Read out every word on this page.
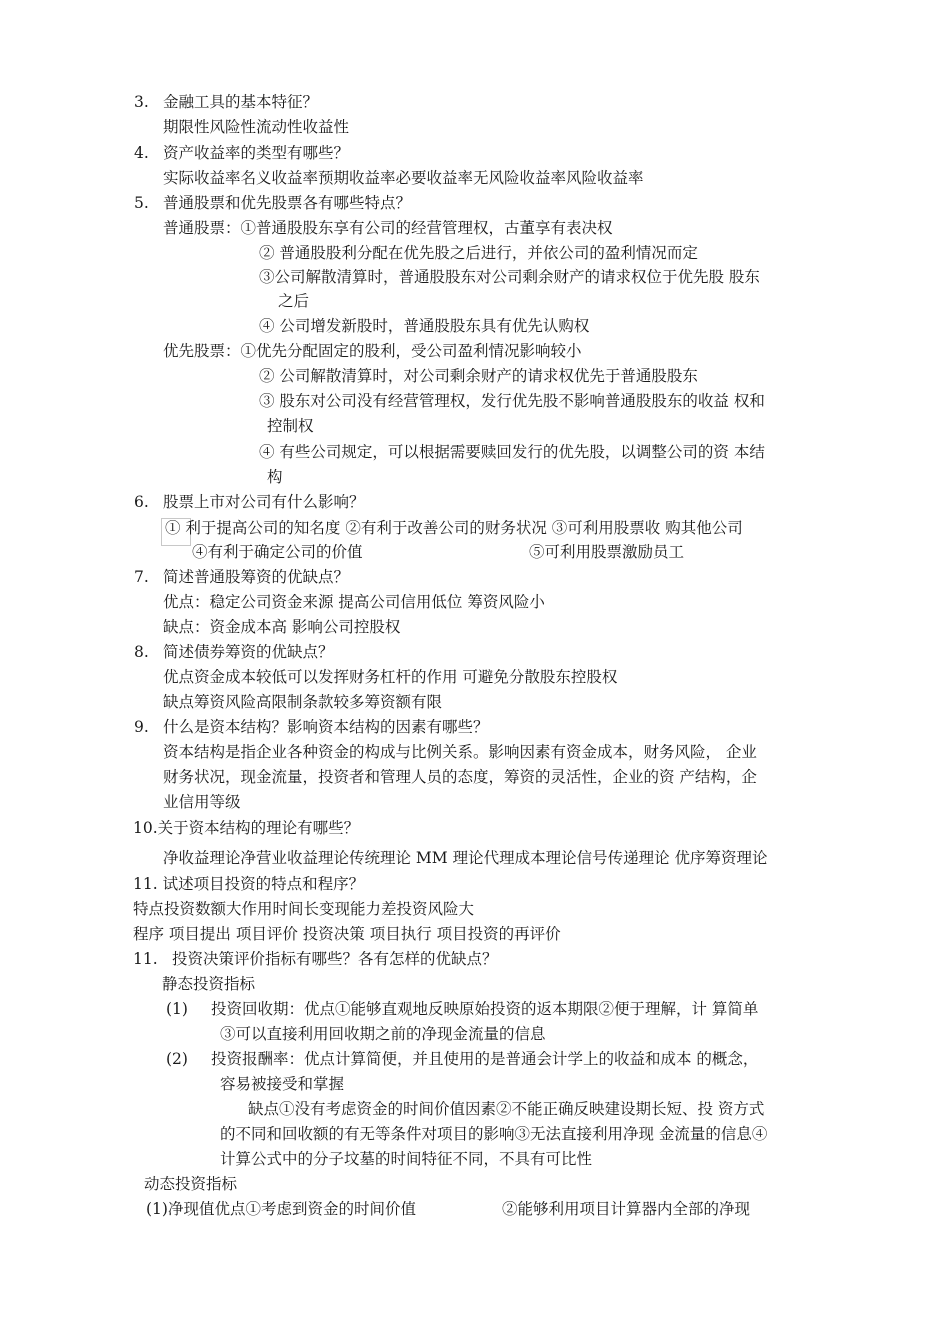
3. 金融工具的基本特征？
期限性风险性流动性收益性
4. 资产收益率的类型有哪些？
实际收益率名义收益率预期收益率必要收益率无风险收益率风险收益率
5. 普通股票和优先股票各有哪些特点？
普通股票：①普通股股东享有公司的经营管理权，古董享有表决权
② 普通股股利分配在优先股之后进行，并依公司的盈利情况而定
③公司解散清算时，普通股股东对公司剩余财产的请求权位于优先股 股东
之后
④ 公司增发新股时，普通股股东具有优先认购权
优先股票：①优先分配固定的股利，受公司盈利情况影响较小
② 公司解散清算时，对公司剩余财产的请求权优先于普通股股东
③ 股东对公司没有经营管理权，发行优先股不影响普通股股东的收益 权和
控制权
④ 有些公司规定，可以根据需要赎回发行的优先股，以调整公司的资 本结
构
6. 股票上市对公司有什么影响？
① 利于提高公司的知名度 ②有利于改善公司的财务状况 ③可利用股票收 购其他公司
④有利于确定公司的价值	⑤可利用股票激励员工
7. 简述普通股筹资的优缺点？
优点：稳定公司资金来源 提高公司信用低位 筹资风险小
缺点：资金成本高 影响公司控股权
8. 简述债券筹资的优缺点？
优点资金成本较低可以发挥财务杠杆的作用 可避免分散股东控股权
缺点筹资风险高限制条款较多筹资额有限
9. 什么是资本结构？影响资本结构的因素有哪些？
资本结构是指企业各种资金的构成与比例关系。影响因素有资金成本，财务风险， 企业
财务状况，现金流量，投资者和管理人员的态度，筹资的灵活性，企业的资 产结构，企
业信用等级
10.关于资本结构的理论有哪些？
净收益理论净营业收益理论传统理论 MM 理论代理成本理论信号传递理论 优序筹资理论
11. 试述项目投资的特点和程序？
特点投资数额大作用时间长变现能力差投资风险大
程序 项目提出 项目评价 投资决策 项目执行 项目投资的再评价
11. 投资决策评价指标有哪些？各有怎样的优缺点？
静态投资指标
(1) 投资回收期：优点①能够直观地反映原始投资的返本期限②便于理解，计 算简单
③可以直接利用回收期之前的净现金流量的信息
(2) 投资报酬率：优点计算简便，并且使用的是普通会计学上的收益和成本 的概念，
容易被接受和掌握
缺点①没有考虑资金的时间价值因素②不能正确反映建设期长短、投 资方式
的不同和回收额的有无等条件对项目的影响③无法直接利用净现 金流量的信息④
计算公式中的分子坟墓的时间特征不同，不具有可比性
动态投资指标
(1)净现值优点①考虑到资金的时间价值	②能够利用项目计算器内全部的净现
